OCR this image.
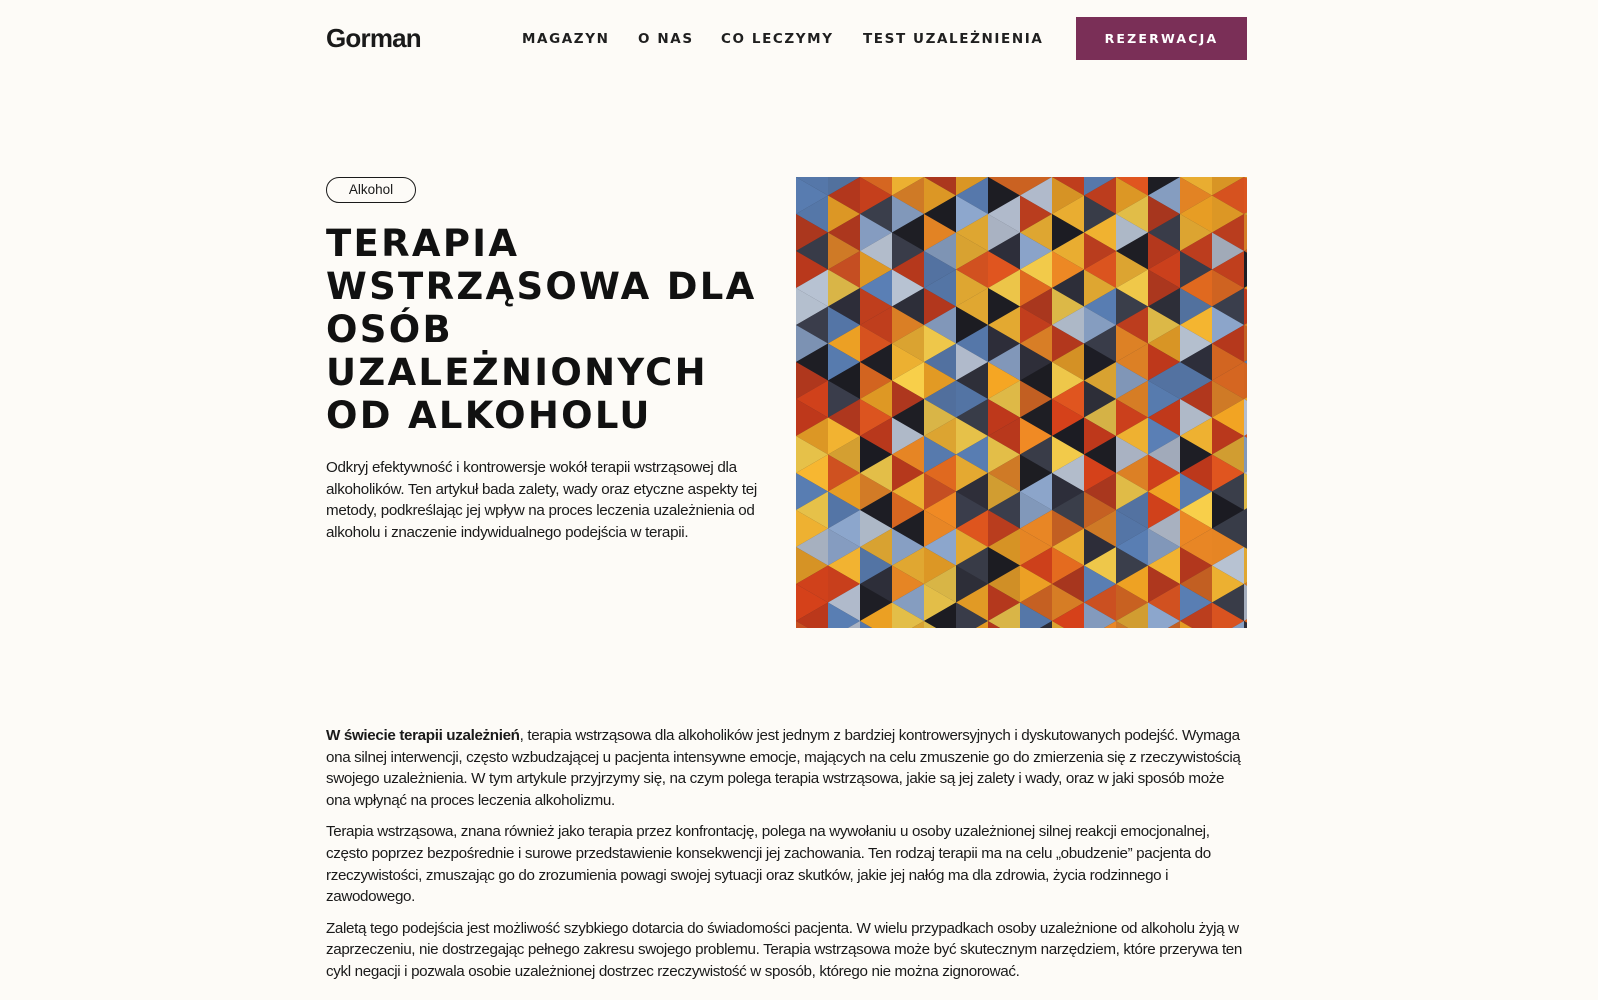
Gorman	MAGAZYN O NAS CO LECZYMY TEST UZALEŻNIENIA	REZERWACJA
Alkohol
TERAPIA WSTRZĄSOWA DLA OSÓB UZALEŻNIONYCH OD ALKOHOLU

Odkryj efektywność i kontrowersje wokół terapii wstrząsowej dla alkoholików. Ten artykuł bada zalety, wady oraz etyczne aspekty tej metody, podkreślając jej wpływ na proces leczenia uzależnienia od alkoholu i znaczenie indywidualnego podejścia w terapii.

W świecie terapii uzależnień, terapia wstrząsowa dla alkoholików jest jednym z bardziej kontrowersyjnych i dyskutowanych podejść. Wymaga ona silnej interwencji, często wzbudzającej u pacjenta intensywne emocje, mających na celu zmuszenie go do zmierzenia się z rzeczywistością swojego uzależnienia. W tym artykule przyjrzymy się, na czym polega terapia wstrząsowa, jakie są jej zalety i wady, oraz w jaki sposób może ona wpłynąć na proces leczenia alkoholizmu.

Terapia wstrząsowa, znana również jako terapia przez konfrontację, polega na wywołaniu u osoby uzależnionej silnej reakcji emocjonalnej, często poprzez bezpośrednie i surowe przedstawienie konsekwencji jej zachowania. Ten rodzaj terapii ma na celu „obudzenie” pacjenta do rzeczywistości, zmuszając go do zrozumienia powagi swojej sytuacji oraz skutków, jakie jej nałóg ma dla zdrowia, życia rodzinnego i zawodowego.

Zaletą tego podejścia jest możliwość szybkiego dotarcia do świadomości pacjenta. W wielu przypadkach osoby uzależnione od alkoholu żyją w zaprzeczeniu, nie dostrzegając pełnego zakresu swojego problemu. Terapia wstrząsowa może być skutecznym narzędziem, które przerywa ten cykl negacji i pozwala osobie uzależnionej dostrzec rzeczywistość w sposób, którego nie można zignorować.
